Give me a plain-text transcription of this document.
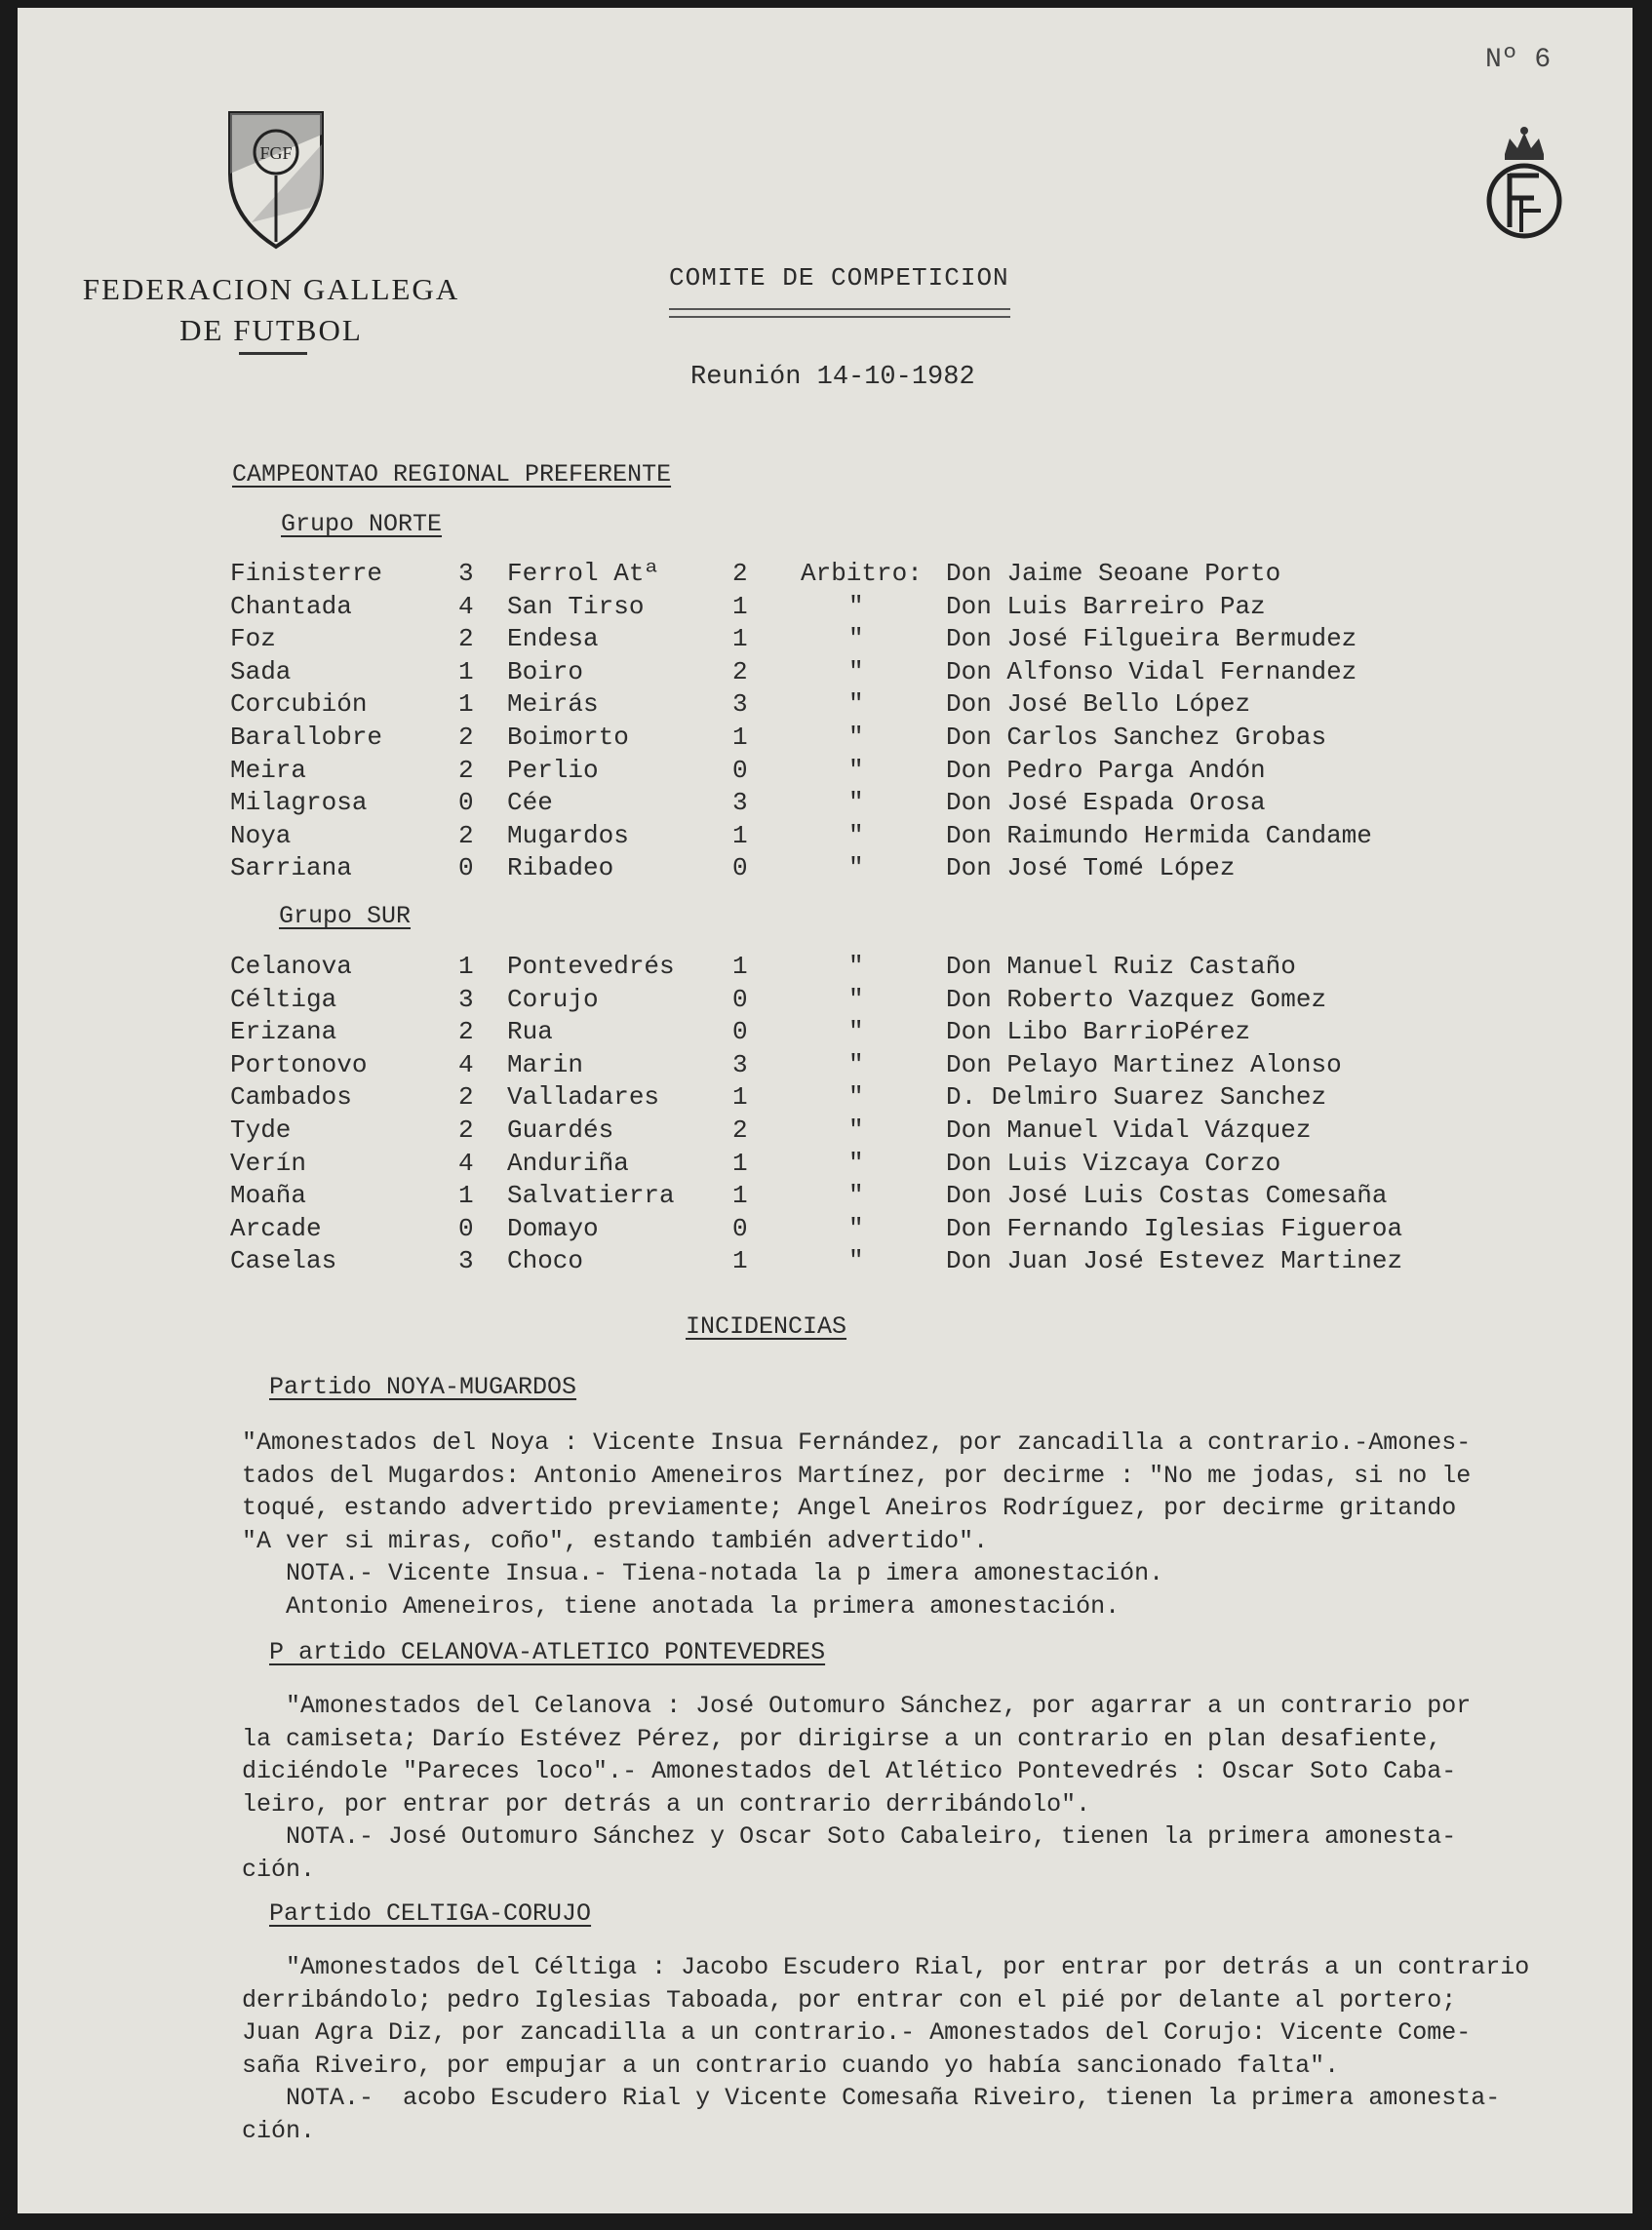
Nº 6
FGF
FEDERACION GALLEGA
DE FUTBOL
COMITE DE COMPETICION
Reunión 14-10-1982
CAMPEONTAO REGIONAL PREFERENTE
Grupo NORTE
Grupo SUR
Finisterre	3 Ferrol Atª	2 Arbitro: Don Jaime Seoane Porto
Chantada	4 San Tirso	1	"	Don Luis Barreiro Paz
Foz	2 Endesa	1	"	Don José Filgueira Bermudez
Sada	1 Boiro	2	"	Don Alfonso Vidal Fernandez
Corcubión	1 Meirás	3	"	Don José Bello López
Barallobre	2 Boimorto	1	"	Don Carlos Sanchez Grobas
Meira	2 Perlio	0	"	Don Pedro Parga Andón
Milagrosa	0 Cée	3	"	Don José Espada Orosa
Noya	2 Mugardos	1	"	Don Raimundo Hermida Candame
Sarriana	0 Ribadeo	0	"	Don José Tomé López
Celanova	1 Pontevedrés 1	"	Don Manuel Ruiz Castaño
Céltiga	3 Corujo	0	"	Don Roberto Vazquez Gomez
Erizana	2 Rua	0	"	Don Libo BarrioPérez
Portonovo	4 Marin	3	"	Don Pelayo Martinez Alonso
Cambados	2 Valladares	1	"	D. Delmiro Suarez Sanchez
Tyde	2 Guardés	2	"	Don Manuel Vidal Vázquez
Verín	4 Anduriña	1	"	Don Luis Vizcaya Corzo
Moaña	1 Salvatierra 1	"	Don José Luis Costas Comesaña
Arcade	0 Domayo	0	"	Don Fernando Iglesias Figueroa
Caselas	3 Choco	1	"	Don Juan José Estevez Martinez
INCIDENCIAS
Partido NOYA-MUGARDOS
"Amonestados del Noya : Vicente Insua Fernández, por zancadilla a contrario.-Amones-
tados del Mugardos: Antonio Ameneiros Martínez, por decirme : "No me jodas, si no le
toqué, estando advertido previamente; Angel Aneiros Rodríguez, por decirme gritando
"A ver si miras, coño", estando también advertido".
NOTA.- Vicente Insua.- Tiena-notada la p imera amonestación.
Antonio Ameneiros, tiene anotada la primera amonestación.
P artido CELANOVA-ATLETICO PONTEVEDRES
"Amonestados del Celanova : José Outomuro Sánchez, por agarrar a un contrario por
la camiseta; Darío Estévez Pérez, por dirigirse a un contrario en plan desafiente,
diciéndole "Pareces loco".- Amonestados del Atlético Pontevedrés : Oscar Soto Caba-
leiro, por entrar por detrás a un contrario derribándolo".
NOTA.- José Outomuro Sánchez y Oscar Soto Cabaleiro, tienen la primera amonesta-
ción.
Partido CELTIGA-CORUJO
"Amonestados del Céltiga : Jacobo Escudero Rial, por entrar por detrás a un contrario
derribándolo; pedro Iglesias Taboada, por entrar con el pié por delante al portero;
Juan Agra Diz, por zancadilla a un contrario.- Amonestados del Corujo: Vicente Come-
saña Riveiro, por empujar a un contrario cuando yo había sancionado falta".
NOTA.-  acobo Escudero Rial y Vicente Comesaña Riveiro, tienen la primera amonesta-
ción.
